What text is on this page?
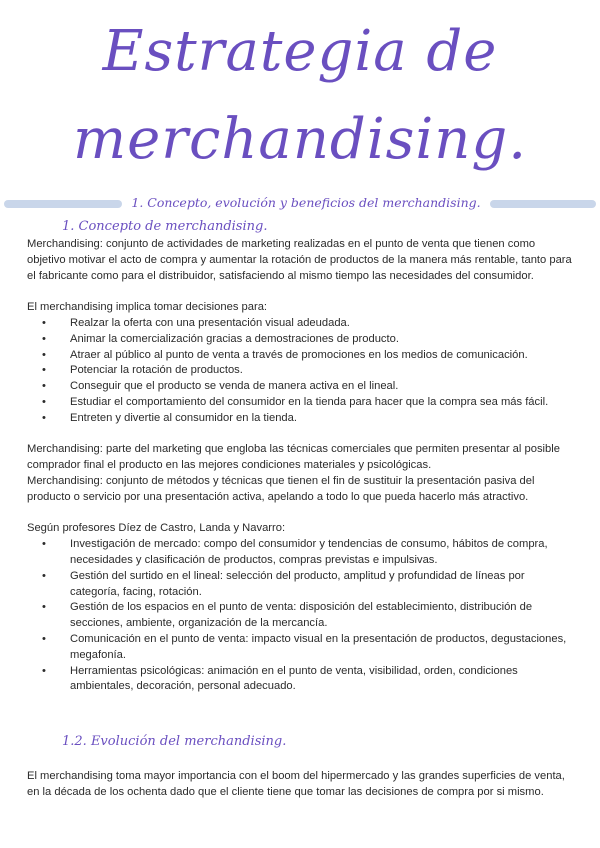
Estrategia de
merchandising.
1. Concepto, evolución y beneficios del merchandising.
1. Concepto de merchandising.

Merchandising: conjunto de actividades de marketing realizadas en el punto de venta que tienen como objetivo motivar el acto de compra y aumentar la rotación de productos de la manera más rentable, tanto para el fabricante como para el distribuidor, satisfaciendo al mismo tiempo las necesidades del consumidor.

El merchandising implica tomar decisiones para:

• Realzar la oferta con una presentación visual adeudada.
• Animar la comercialización gracias a demostraciones de producto.
• Atraer al público al punto de venta a través de promociones en los medios de comunicación.
• Potenciar la rotación de productos.
• Conseguir que el producto se venda de manera activa en el lineal.
• Estudiar el comportamiento del consumidor en la tienda para hacer que la compra sea más fácil.
• Entreten y divertie al consumidor en la tienda.

Merchandising: parte del marketing que engloba las técnicas comerciales que permiten presentar al posible comprador final el producto en las mejores condiciones materiales y psicológicas.

Merchandising: conjunto de métodos y técnicas que tienen el fin de sustituir la presentación pasiva del producto o servicio por una presentación activa, apelando a todo lo que pueda hacerlo más atractivo.

Según profesores Díez de Castro, Landa y Navarro:

• Investigación de mercado: compo del consumidor y tendencias de consumo, hábitos de compra, necesidades y clasificación de productos, compras previstas e impulsivas.
• Gestión del surtido en el lineal: selección del producto, amplitud y profundidad de líneas por categoría, facing, rotación.
• Gestión de los espacios en el punto de venta: disposición del establecimiento, distribución de secciones, ambiente, organización de la mercancía.
• Comunicación en el punto de venta: impacto visual en la presentación de productos, degustaciones, megafonía.
• Herramientas psicológicas: animación en el punto de venta, visibilidad, orden, condiciones ambientales, decoración, personal adecuado.
1.2. Evolución del merchandising.

El merchandising toma mayor importancia con el boom del hipermercado y las grandes superficies de venta, en la década de los ochenta dado que el cliente tiene que tomar las decisiones de compra por si mismo.
